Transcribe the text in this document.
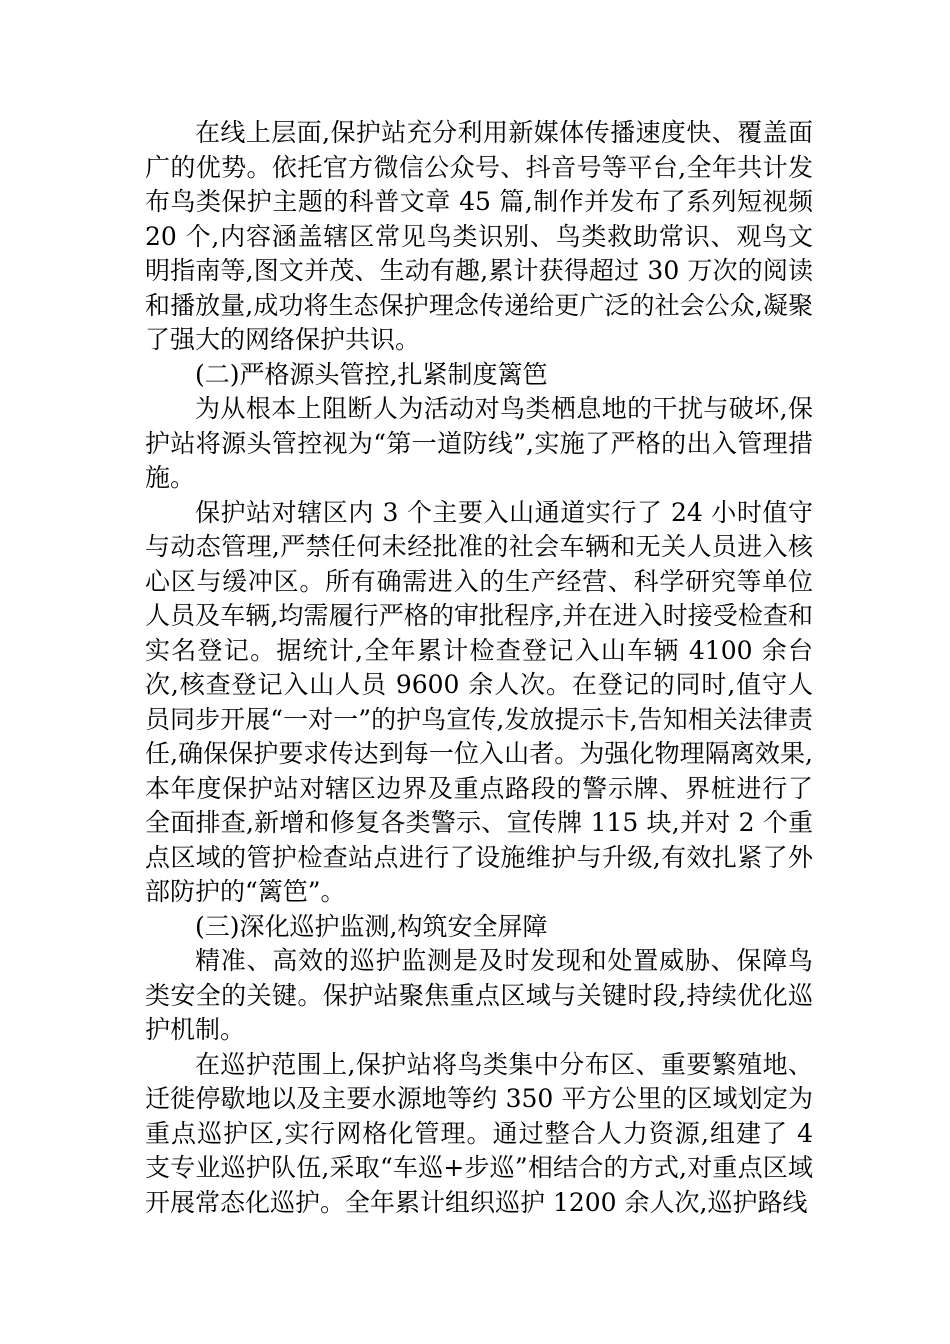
在线上层面,保护站充分利用新媒体传播速度快、覆盖面广的优势。依托官方微信公众号、抖音号等平台,全年共计发布鸟类保护主题的科普文章 45 篇,制作并发布了系列短视频 20 个,内容涵盖辖区常见鸟类识别、鸟类救助常识、观鸟文明指南等,图文并茂、生动有趣,累计获得超过 30 万次的阅读和播放量,成功将生态保护理念传递给更广泛的社会公众,凝聚了强大的网络保护共识。

(二)严格源头管控,扎紧制度篱笆

为从根本上阻断人为活动对鸟类栖息地的干扰与破坏,保护站将源头管控视为“第一道防线”,实施了严格的出入管理措施。

保护站对辖区内 3 个主要入山通道实行了 24 小时值守与动态管理,严禁任何未经批准的社会车辆和无关人员进入核心区与缓冲区。所有确需进入的生产经营、科学研究等单位人员及车辆,均需履行严格的审批程序,并在进入时接受检查和实名登记。据统计,全年累计检查登记入山车辆 4100 余台次,核查登记入山人员 9600 余人次。在登记的同时,值守人员同步开展“一对一”的护鸟宣传,发放提示卡,告知相关法律责任,确保保护要求传达到每一位入山者。为强化物理隔离效果,本年度保护站对辖区边界及重点路段的警示牌、界桩进行了全面排查,新增和修复各类警示、宣传牌 115 块,并对 2 个重点区域的管护检查站点进行了设施维护与升级,有效扎紧了外部防护的“篱笆”。

(三)深化巡护监测,构筑安全屏障

精准、高效的巡护监测是及时发现和处置威胁、保障鸟类安全的关键。保护站聚焦重点区域与关键时段,持续优化巡护机制。

在巡护范围上,保护站将鸟类集中分布区、重要繁殖地、迁徙停歇地以及主要水源地等约 350 平方公里的区域划定为重点巡护区,实行网格化管理。通过整合人力资源,组建了 4 支专业巡护队伍,采取“车巡+步巡”相结合的方式,对重点区域开展常态化巡护。全年累计组织巡护 1200 余人次,巡护路线
